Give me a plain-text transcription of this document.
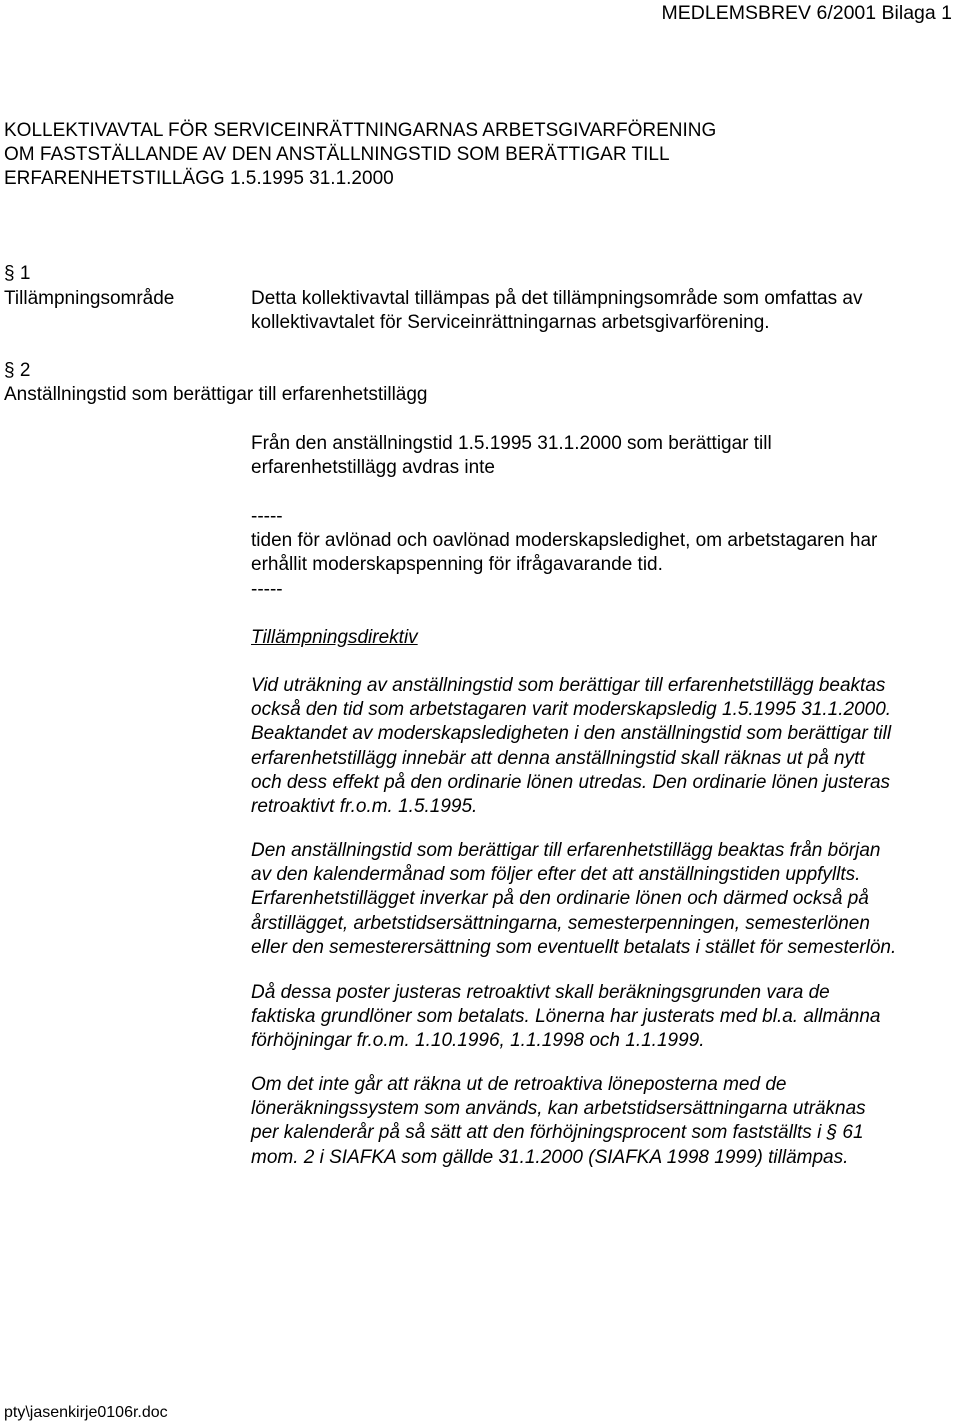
MEDLEMSBREV 6/2001 Bilaga 1
KOLLEKTIVAVTAL FÖR SERVICEINRÄTTNINGARNAS ARBETSGIVARFÖRENING
OM FASTSTÄLLANDE AV DEN ANSTÄLLNINGSTID SOM BERÄTTIGAR TILL
ERFARENHETSTILLÄGG 1.5.1995 31.1.2000
§ 1
Tillämpningsområde	Detta kollektivavtal tillämpas på det tillämpningsområde som omfattas av
kollektivavtalet för Serviceinrättningarnas arbetsgivarförening.
§ 2
Anställningstid som berättigar till erfarenhetstillägg
Från den anställningstid 1.5.1995 31.1.2000 som berättigar till
erfarenhetstillägg avdras inte
-----
tiden för avlönad och oavlönad moderskapsledighet, om arbetstagaren har
erhållit moderskapspenning för ifrågavarande tid.
-----
Tillämpningsdirektiv
Vid uträkning av anställningstid som berättigar till erfarenhetstillägg beaktas
också den tid som arbetstagaren varit moderskapsledig 1.5.1995 31.1.2000.
Beaktandet av moderskapsledigheten i den anställningstid som berättigar till
erfarenhetstillägg innebär att denna anställningstid skall räknas ut på nytt
och dess effekt på den ordinarie lönen utredas. Den ordinarie lönen justeras
retroaktivt fr.o.m. 1.5.1995.
Den anställningstid som berättigar till erfarenhetstillägg beaktas från början
av den kalendermånad som följer efter det att anställningstiden uppfyllts.
Erfarenhetstillägget inverkar på den ordinarie lönen och därmed också på
årstillägget, arbetstidsersättningarna, semesterpenningen, semesterlönen
eller den semesterersättning som eventuellt betalats i stället för semesterlön.
Då dessa poster justeras retroaktivt skall beräkningsgrunden vara de
faktiska grundlöner som betalats. Lönerna har justerats med bl.a. allmänna
förhöjningar fr.o.m. 1.10.1996, 1.1.1998 och 1.1.1999.
Om det inte går att räkna ut de retroaktiva löneposterna med de
löneräkningssystem som används, kan arbetstidsersättningarna uträknas
per kalenderår på så sätt att den förhöjningsprocent som fastställts i § 61
mom. 2 i SIAFKA som gällde 31.1.2000 (SIAFKA 1998 1999) tillämpas.
pty\jasenkirje0106r.doc
